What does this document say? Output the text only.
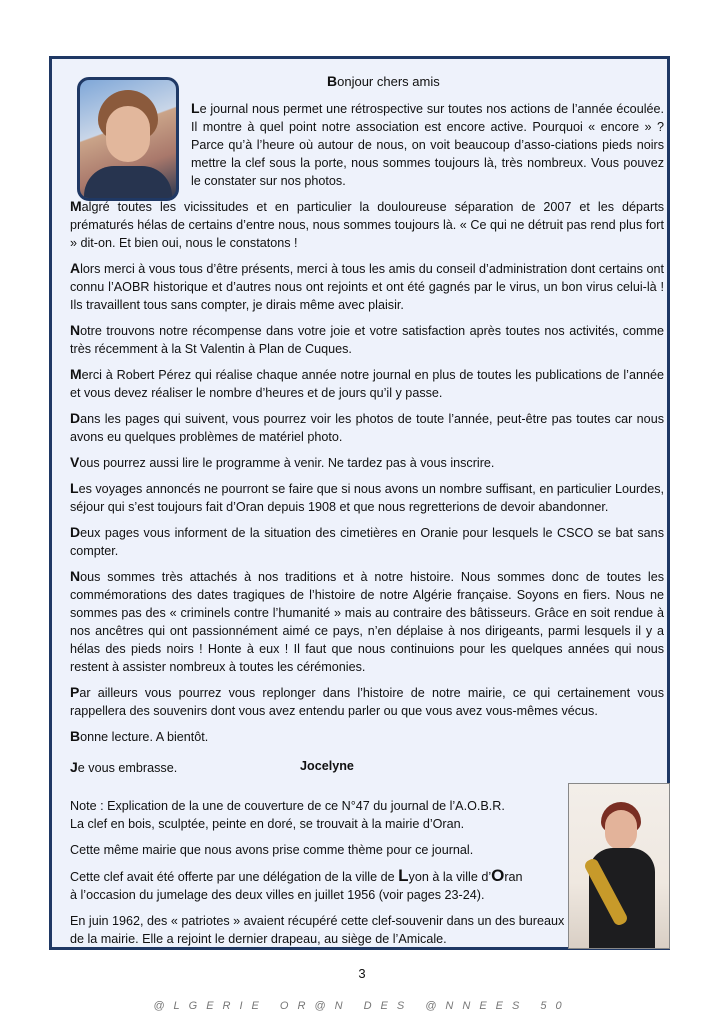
Bonjour chers amis

Le journal nous permet une rétrospective sur toutes nos actions de l’année écoulée. Il montre à quel point notre association est encore active. Pourquoi « encore » ? Parce qu’à l’heure où autour de nous, on voit beaucoup d’asso-ciations pieds noirs mettre la clef sous la porte, nous sommes toujours là, très nombreux. Vous pouvez le constater sur nos photos.

Malgré toutes les vicissitudes et en particulier la douloureuse séparation de 2007 et les départs prématurés hélas de certains d’entre nous, nous sommes toujours là. « Ce qui ne détruit pas rend plus fort » dit-on. Et bien oui, nous le constatons !

Alors merci à vous tous d’être présents, merci à tous les amis du conseil d’administration dont certains ont connu l’AOBR historique et d’autres nous ont rejoints et ont été gagnés par le virus, un bon virus celui-là ! Ils travaillent tous sans compter, je dirais même avec plaisir.

Notre trouvons notre récompense dans votre joie et votre satisfaction après toutes nos activités, comme très récemment à la St Valentin à Plan de Cuques.

Merci à Robert Pérez qui réalise chaque année notre journal en plus de toutes les publications de l’année et vous devez réaliser le nombre d’heures et de jours qu’il y passe.

Dans les pages qui suivent, vous pourrez voir les photos de toute l’année, peut-être pas toutes car nous avons eu quelques problèmes de matériel photo.

Vous pourrez aussi lire le programme à venir. Ne tardez pas à vous inscrire.

Les voyages annoncés ne pourront se faire que si nous avons un nombre suffisant, en particulier Lourdes, séjour qui s’est toujours fait d’Oran depuis 1908 et que nous regretterions de devoir abandonner.

Deux pages vous informent de la situation des cimetières en Oranie pour lesquels le CSCO se bat sans compter.

Nous sommes très attachés à nos traditions et à notre histoire. Nous sommes donc de toutes les commémorations des dates tragiques de l’histoire de notre Algérie française. Soyons en fiers. Nous ne sommes pas des « criminels contre l’humanité » mais au contraire des bâtisseurs. Grâce en soit rendue à nos ancêtres qui ont passionnément aimé ce pays, n’en déplaise à nos dirigeants, parmi lesquels il y a hélas des pieds noirs ! Honte à eux ! Il faut que nous continuions pour les quelques années qui nous restent à assister nombreux à toutes les cérémonies.

Par ailleurs vous pourrez vous replonger dans l’histoire de notre mairie, ce qui certainement vous rappellera des souvenirs dont vous avez entendu parler ou que vous avez vous-mêmes vécus.

Bonne lecture. A bientôt.

Je vous embrasse.	Jocelyne

Note : Explication de la une de couverture de ce N°47 du journal de l’A.O.B.R.
La clef en bois, sculptée, peinte en doré, se trouvait à la mairie d’Oran.

Cette même mairie que nous avons prise comme thème pour ce journal.

Cette clef avait été offerte par une délégation de la ville de Lyon à la ville d’Oran
à l’occasion du jumelage des deux villes en juillet 1956 (voir pages 23-24).

En juin 1962, des « patriotes » avaient récupéré cette clef-souvenir dans un des bureaux de la mairie. Elle a rejoint le dernier drapeau, au siège de l’Amicale.

3
@LGERIE OR@N DES @NNEES 50
